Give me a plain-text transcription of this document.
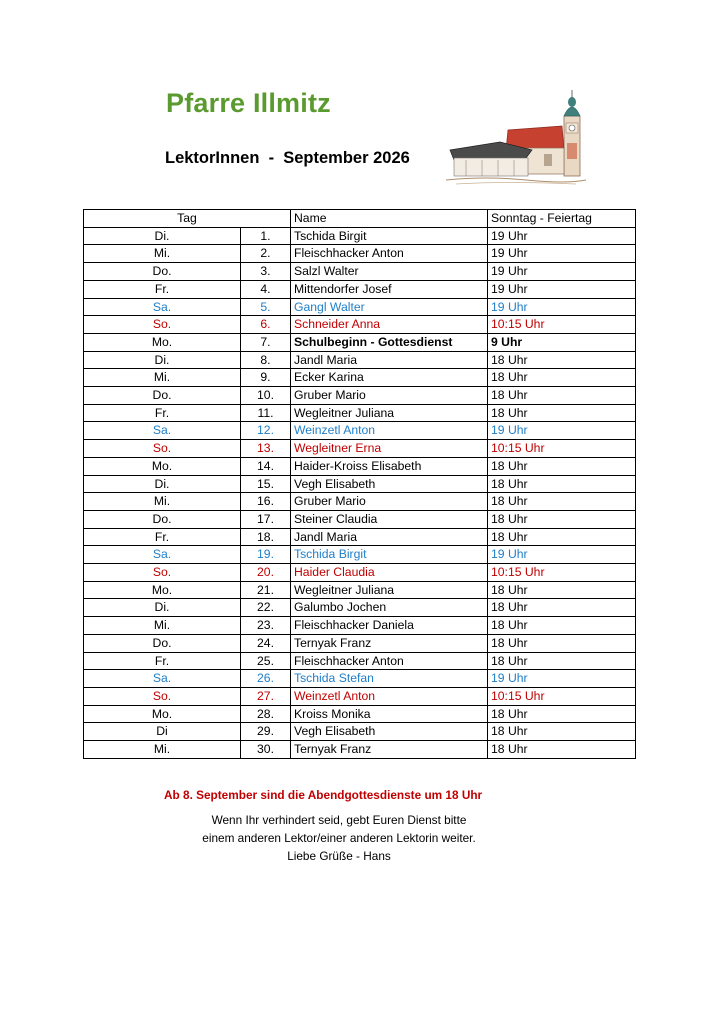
Pfarre Illmitz
LektorInnen  -  September 2026
Tag		Name	Sonntag - Feiertag
Di.	1.	Tschida Birgit	19 Uhr
Mi.	2.	Fleischhacker Anton	19 Uhr
Do.	3.	Salzl Walter	19 Uhr
Fr.	4.	Mittendorfer Josef	19 Uhr
Sa.	5.	Gangl Walter	19 Uhr
So.	6.	Schneider Anna	10:15 Uhr
Mo.	7.	Schulbeginn - Gottesdienst	9 Uhr
Di.	8.	Jandl Maria	18 Uhr
Mi.	9.	Ecker Karina	18 Uhr
Do.	10.	Gruber Mario	18 Uhr
Fr.	11.	Wegleitner Juliana	18 Uhr
Sa.	12.	Weinzetl Anton	19 Uhr
So.	13.	Wegleitner Erna	10:15 Uhr
Mo.	14.	Haider-Kroiss Elisabeth	18 Uhr
Di.	15.	Vegh Elisabeth	18 Uhr
Mi.	16.	Gruber Mario	18 Uhr
Do.	17.	Steiner Claudia	18 Uhr
Fr.	18.	Jandl Maria	18 Uhr
Sa.	19.	Tschida Birgit	19 Uhr
So.	20.	Haider Claudia	10:15 Uhr
Mo.	21.	Wegleitner Juliana	18 Uhr
Di.	22.	Galumbo Jochen	18 Uhr
Mi.	23.	Fleischhacker Daniela	18 Uhr
Do.	24.	Ternyak Franz	18 Uhr
Fr.	25.	Fleischhacker Anton	18 Uhr
Sa.	26.	Tschida Stefan	19 Uhr
So.	27.	Weinzetl Anton	10:15 Uhr
Mo.	28.	Kroiss Monika	18 Uhr
Di	29.	Vegh Elisabeth	18 Uhr
Mi.	30.	Ternyak Franz	18 Uhr
Ab 8. September sind die Abendgottesdienste um 18 Uhr
Wenn Ihr verhindert seid, gebt Euren Dienst bitte
einem anderen Lektor/einer anderen Lektorin weiter.
Liebe Grüße - Hans
